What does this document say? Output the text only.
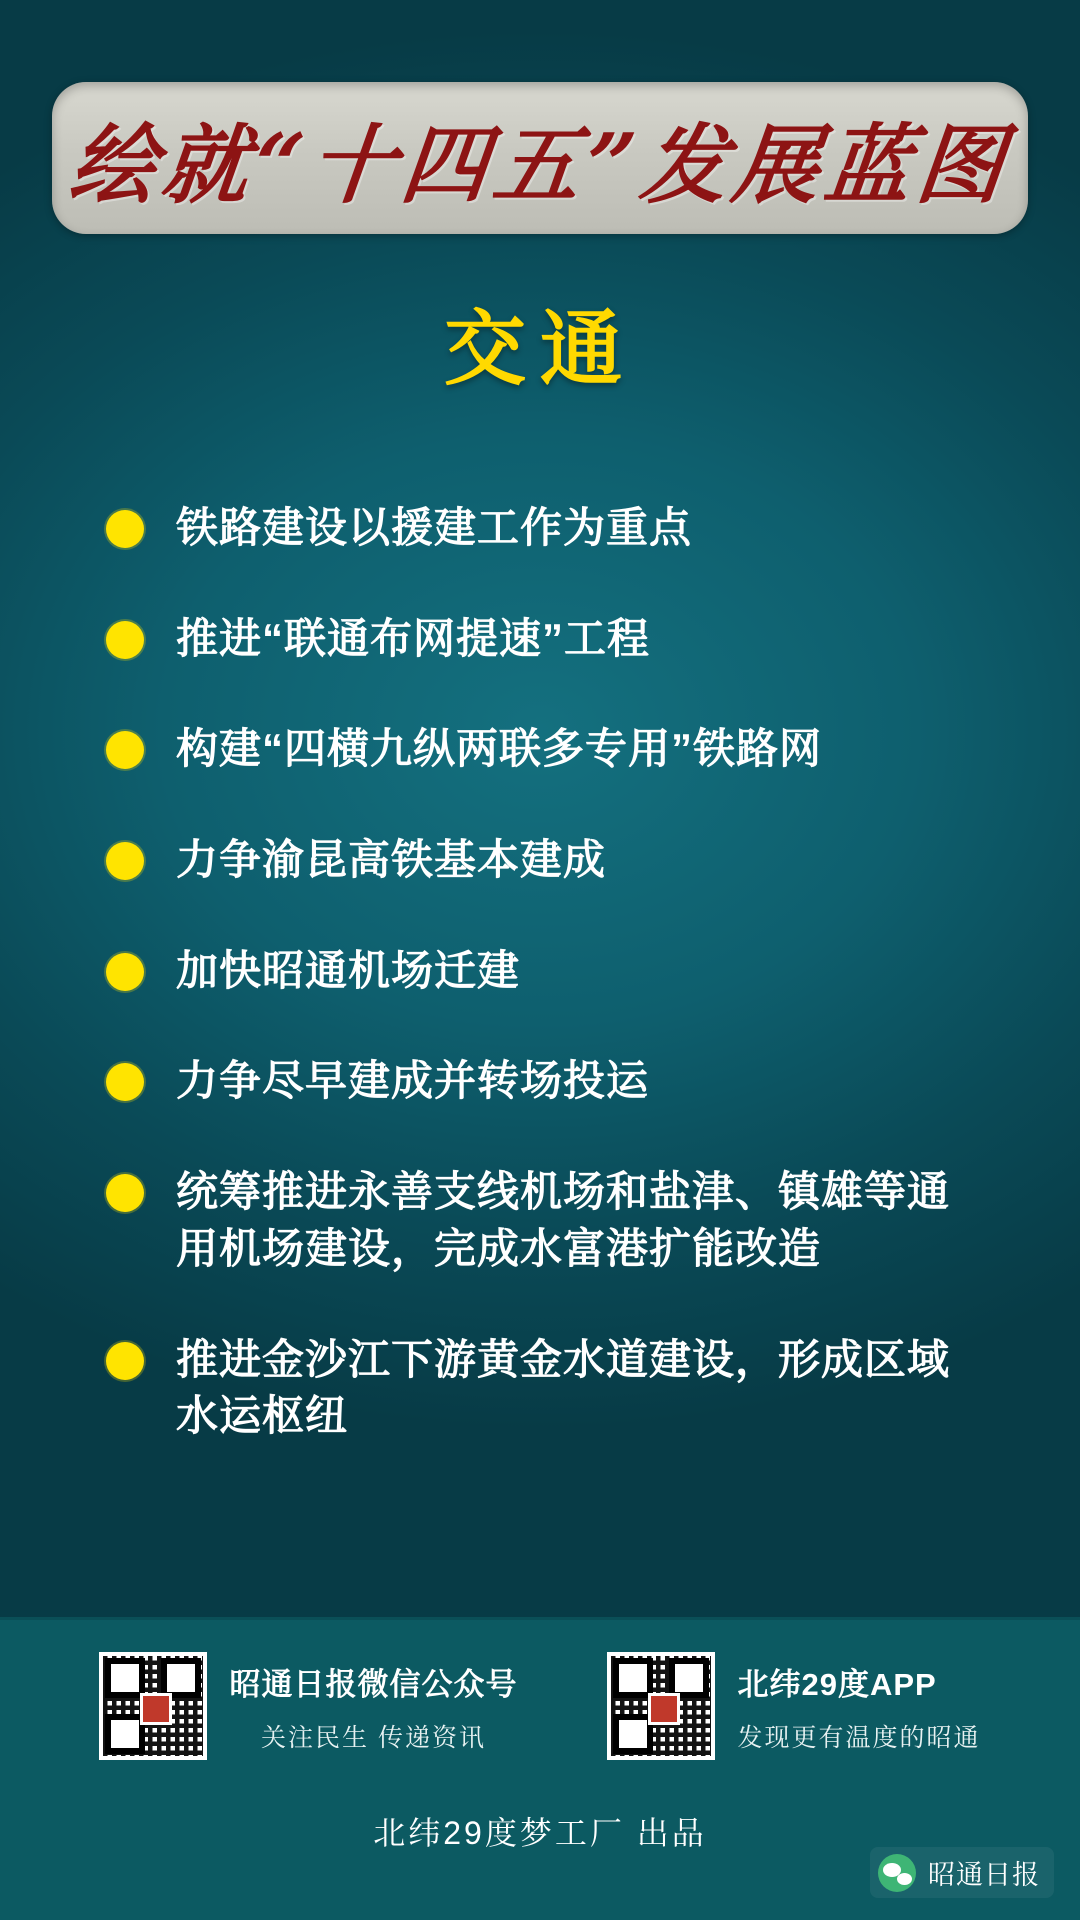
绘就“十四五”发展蓝图
交通
铁路建设以援建工作为重点
推进“联通布网提速”工程
构建“四横九纵两联多专用”铁路网
力争渝昆高铁基本建成
加快昭通机场迁建
力争尽早建成并转场投运
统筹推进永善支线机场和盐津、镇雄等通用机场建设，完成水富港扩能改造
推进金沙江下游黄金水道建设，形成区域水运枢纽
昭通日报微信公众号
关注民生 传递资讯
北纬29度APP
发现更有温度的昭通
北纬29度梦工厂 出品
昭通日报
